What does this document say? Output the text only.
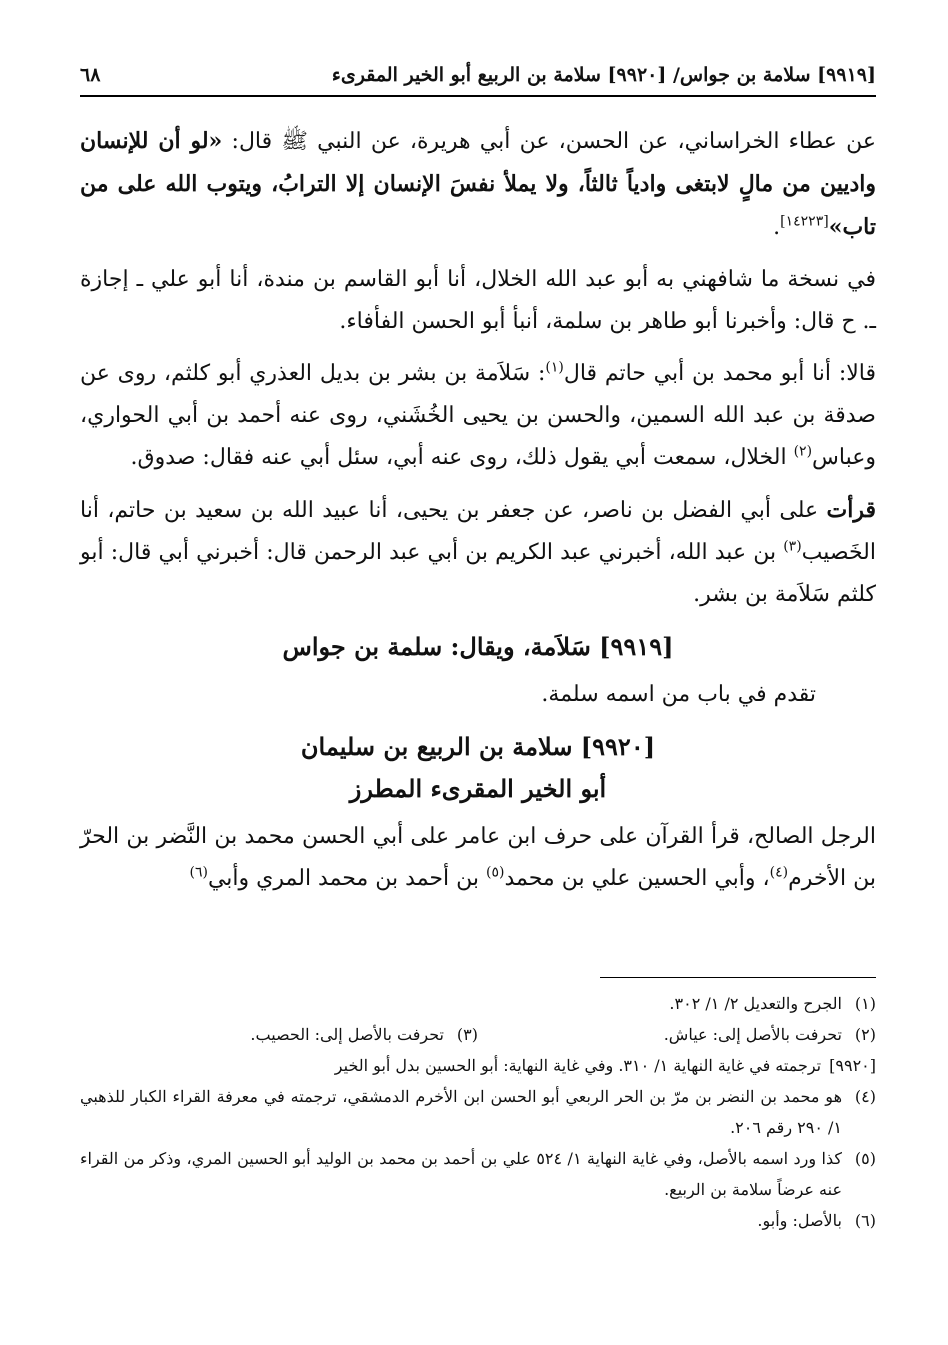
[٩٩١٩] سلامة بن جواس/ [٩٩٢٠] سلامة بن الربيع أبو الخير المقرىء
٦٨

عن عطاء الخراساني، عن الحسن، عن أبي هريرة، عن النبي ﷺ قال: «لو أن للإنسان واديين من مالٍ لابتغى وادياً ثالثاً، ولا يملأ نفسَ الإنسان إلا الترابُ، ويتوب الله على من تاب»[١٤٢٢٣].

في نسخة ما شافهني به أبو عبد الله الخلال، أنا أبو القاسم بن مندة، أنا أبو علي ـ إجازة ـ. ح قال: وأخبرنا أبو طاهر بن سلمة، أنبأ أبو الحسن الفأفاء.

قالا: أنا أبو محمد بن أبي حاتم قال$^{(١)}$: سَلاَمة بن بشر بن بديل العذري أبو كلثم، روى عن صدقة بن عبد الله السمين، والحسن بن يحيى الخُشَني، روى عنه أحمد بن أبي الحواري، وعباس$^{(٢)}$ الخلال، سمعت أبي يقول ذلك، روى عنه أبي، سئل أبي عنه فقال: صدوق.

قرأت على أبي الفضل بن ناصر، عن جعفر بن يحيى، أنا عبيد الله بن سعيد بن حاتم، أنا الخَصيب$^{(٣)}$ بن عبد الله، أخبرني عبد الكريم بن أبي عبد الرحمن قال: أخبرني أبي قال: أبو كلثم سَلاَمة بن بشر.

[٩٩١٩] سَلاَمة، ويقال: سلمة بن جواس

تقدم في باب من اسمه سلمة.

[٩٩٢٠] سلامة بن الربيع بن سليمان
أبو الخير المقرىء المطرز

الرجل الصالح، قرأ القرآن على حرف ابن عامر على أبي الحسن محمد بن النَّضر بن الحرّ بن الأخرم$^{(٤)}$، وأبي الحسين علي بن محمد$^{(٥)}$ بن أحمد بن محمد المري وأبي$^{(٦)}$

(١)
الجرح والتعديل ٢/ ١/ ٣٠٢.
(٢)
تحرفت بالأصل إلى: عياش.
(٣)
تحرفت بالأصل إلى: الحصيب.
[٩٩٢٠]
ترجمته في غاية النهاية ١/ ٣١٠. وفي غاية النهاية: أبو الحسين بدل أبو الخير
(٤)
هو محمد بن النضر بن مرّ بن الحر الربعي أبو الحسن ابن الأخرم الدمشقي، ترجمته في معرفة القراء الكبار للذهبي ١/ ٢٩٠ رقم ٢٠٦.
(٥)
كذا ورد اسمه بالأصل، وفي غاية النهاية ١/ ٥٢٤ علي بن أحمد بن محمد بن الوليد أبو الحسين المري، وذكر من القراء عنه عرضاً سلامة بن الربيع.
(٦)
بالأصل: وأبو.
